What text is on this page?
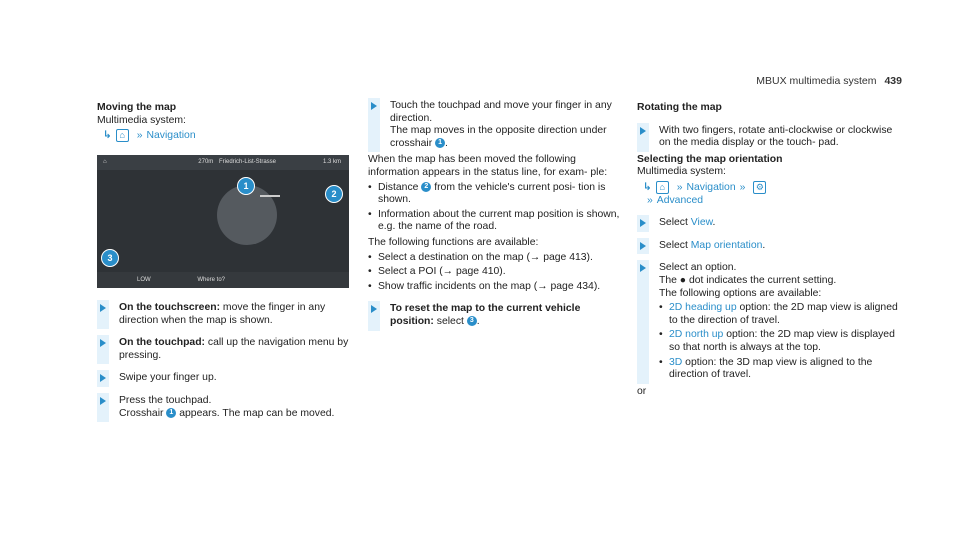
MBUX multimedia system 439
Moving the map
Multimedia system:
↳ ⌂ » Navigation
⌂	270m Friedrich-List-Strasse	1.3 km
1
2
3
LOW	Where to?
On the touchscreen: move the finger in any direction when the map is shown.
On the touchpad: call up the navigation menu by pressing.
Swipe your finger up.
Press the touchpad.
Crosshair 1 appears. The map can be moved.
Touch the touchpad and move your finger in any direction.
The map moves in the opposite direction under crosshair 1 .
When the map has been moved the following information appears in the status line, for exam- ple:
• Distance 2 from the vehicle's current posi- tion is shown.
• Information about the current map position is shown, e.g. the name of the road.
The following functions are available:
• Select a destination on the map (→ page 413).
• Select a POI (→ page 410).
• Show traffic incidents on the map (→ page 434).
To reset the map to the current vehicle position: select 3 .
Rotating the map
With two fingers, rotate anti-clockwise or clockwise on the media display or the touch- pad.
Selecting the map orientation
Multimedia system:
↳ ⌂ » Navigation » ⚙
» Advanced
Select View.
Select Map orientation.
Select an option.
The ● dot indicates the current setting.
The following options are available:
• 2D heading up option: the 2D map view is aligned to the direction of travel.
• 2D north up option: the 2D map view is displayed so that north is always at the top.
• 3D option: the 3D map view is aligned to the direction of travel.
or
